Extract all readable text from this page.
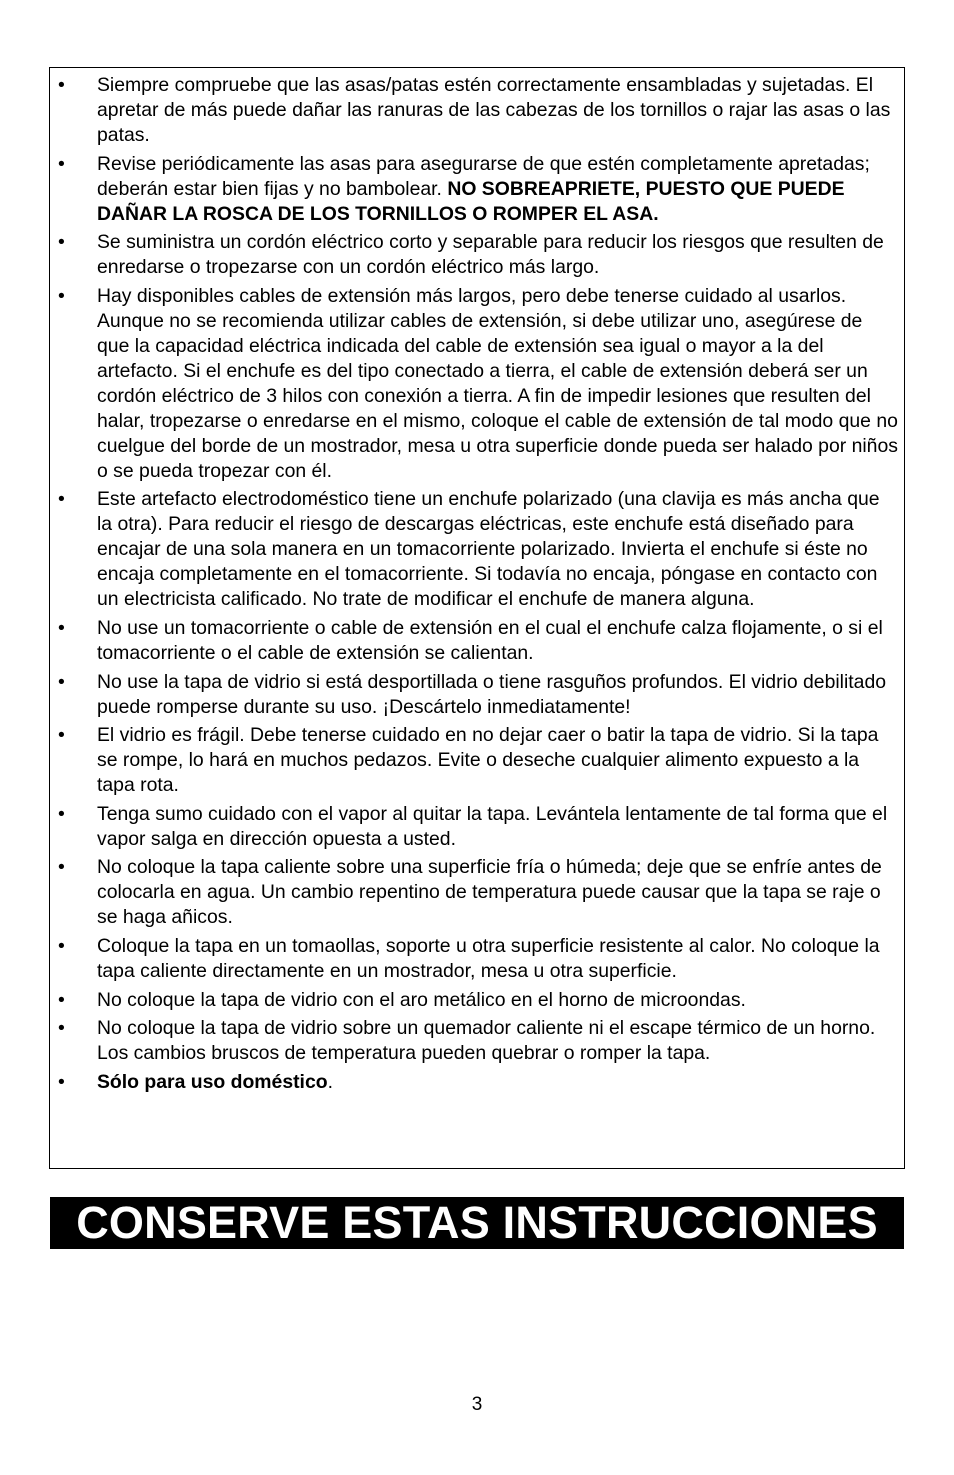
•	Siempre compruebe que las asas/patas estén correctamente ensambladas y sujetadas. El apretar de más puede dañar las ranuras de las cabezas de los tornillos o rajar las asas o las patas.
•	Revise periódicamente las asas para asegurarse de que estén completamente apretadas; deberán estar bien fijas y no bambolear. NO SOBREAPRIETE, PUESTO QUE PUEDE DAÑAR LA ROSCA DE LOS TORNILLOS O ROMPER EL ASA.
•	Se suministra un cordón eléctrico corto y separable para reducir los riesgos que resulten de enredarse o tropezarse con un cordón eléctrico más largo.
•	Hay disponibles cables de extensión más largos, pero debe tenerse cuidado al usarlos. Aunque no se recomienda utilizar cables de extensión, si debe utilizar uno, asegúrese de que la capacidad eléctrica indicada del cable de extensión sea igual o mayor a la del artefacto. Si el enchufe es del tipo conectado a tierra, el cable de extensión deberá ser un cordón eléctrico de 3 hilos con conexión a tierra. A fin de impedir lesiones que resulten del halar, tropezarse o enredarse en el mismo, coloque el cable de extensión de tal modo que no cuelgue del borde de un mostrador, mesa u otra superficie donde pueda ser halado por niños o se pueda tropezar con él.
•	Este artefacto electrodoméstico tiene un enchufe polarizado (una clavija es más ancha que la otra). Para reducir el riesgo de descargas eléctricas, este enchufe está diseñado para encajar de una sola manera en un tomacorriente polarizado. Invierta el enchufe si éste no encaja completamente en el tomacorriente. Si todavía no encaja, póngase en contacto con un electricista calificado. No trate de modificar el enchufe de manera alguna.
•	No use un tomacorriente o cable de extensión en el cual el enchufe calza flojamente, o si el tomacorriente o el cable de extensión se calientan.
•	No use la tapa de vidrio si está desportillada o tiene rasguños profundos. El vidrio debilitado puede romperse durante su uso. ¡Descártelo inmediatamente!
•	El vidrio es frágil. Debe tenerse cuidado en no dejar caer o batir la tapa de vidrio. Si la tapa se rompe, lo hará en muchos pedazos. Evite o deseche cualquier alimento expuesto a la tapa rota.
•	Tenga sumo cuidado con el vapor al quitar la tapa. Levántela lentamente de tal forma que el vapor salga en dirección opuesta a usted.
•	No coloque la tapa caliente sobre una superficie fría o húmeda; deje que se enfríe antes de colocarla en agua. Un cambio repentino de temperatura puede causar que la tapa se raje o se haga añicos.
•	Coloque la tapa en un tomaollas, soporte u otra superficie resistente al calor. No coloque la tapa caliente directamente en un mostrador, mesa u otra superficie.
•	No coloque la tapa de vidrio con el aro metálico en el horno de microondas.
•	No coloque la tapa de vidrio sobre un quemador caliente ni el escape térmico de un horno. Los cambios bruscos de temperatura pueden quebrar o romper la tapa.
•	Sólo para uso doméstico.
CONSERVE ESTAS INSTRUCCIONES
3
